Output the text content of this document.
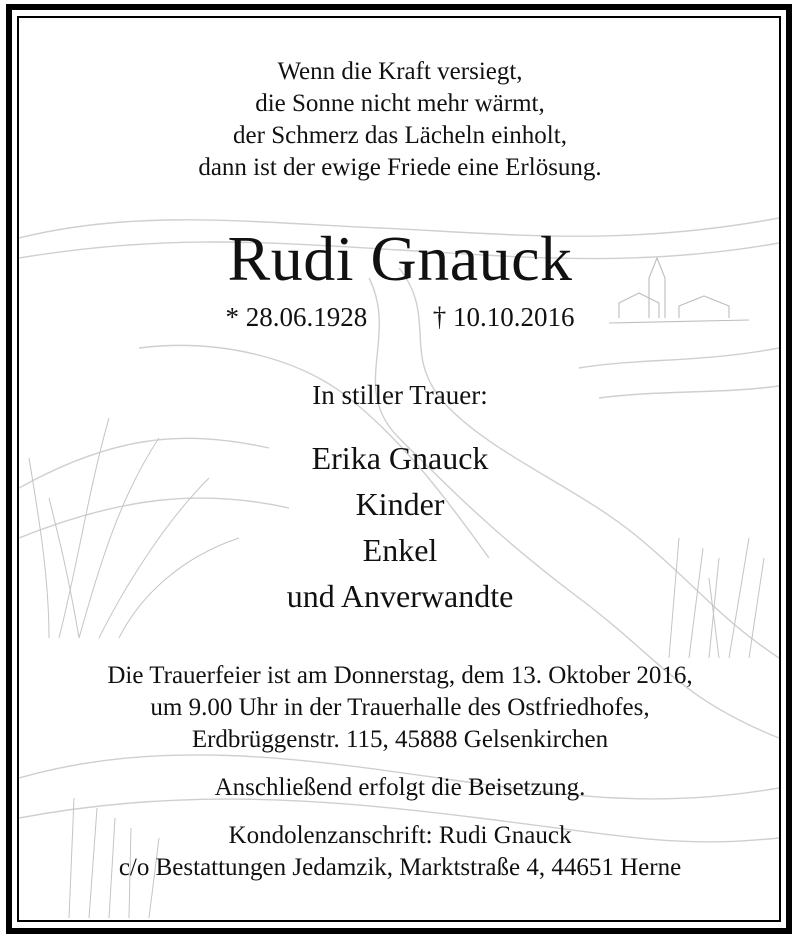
Wenn die Kraft versiegt,
die Sonne nicht mehr wärmt,
der Schmerz das Lächeln einholt,
dann ist der ewige Friede eine Erlösung.
Rudi Gnauck
* 28.06.1928 † 10.10.2016
In stiller Trauer:
Erika Gnauck
Kinder
Enkel
und Anverwandte
Die Trauerfeier ist am Donnerstag, dem 13. Oktober 2016,
um 9.00 Uhr in der Trauerhalle des Ostfriedhofes,
Erdbrüggenstr. 115, 45888 Gelsenkirchen
Anschließend erfolgt die Beisetzung.
Kondolenzanschrift: Rudi Gnauck
c/o Bestattungen Jedamzik, Marktstraße 4, 44651 Herne
